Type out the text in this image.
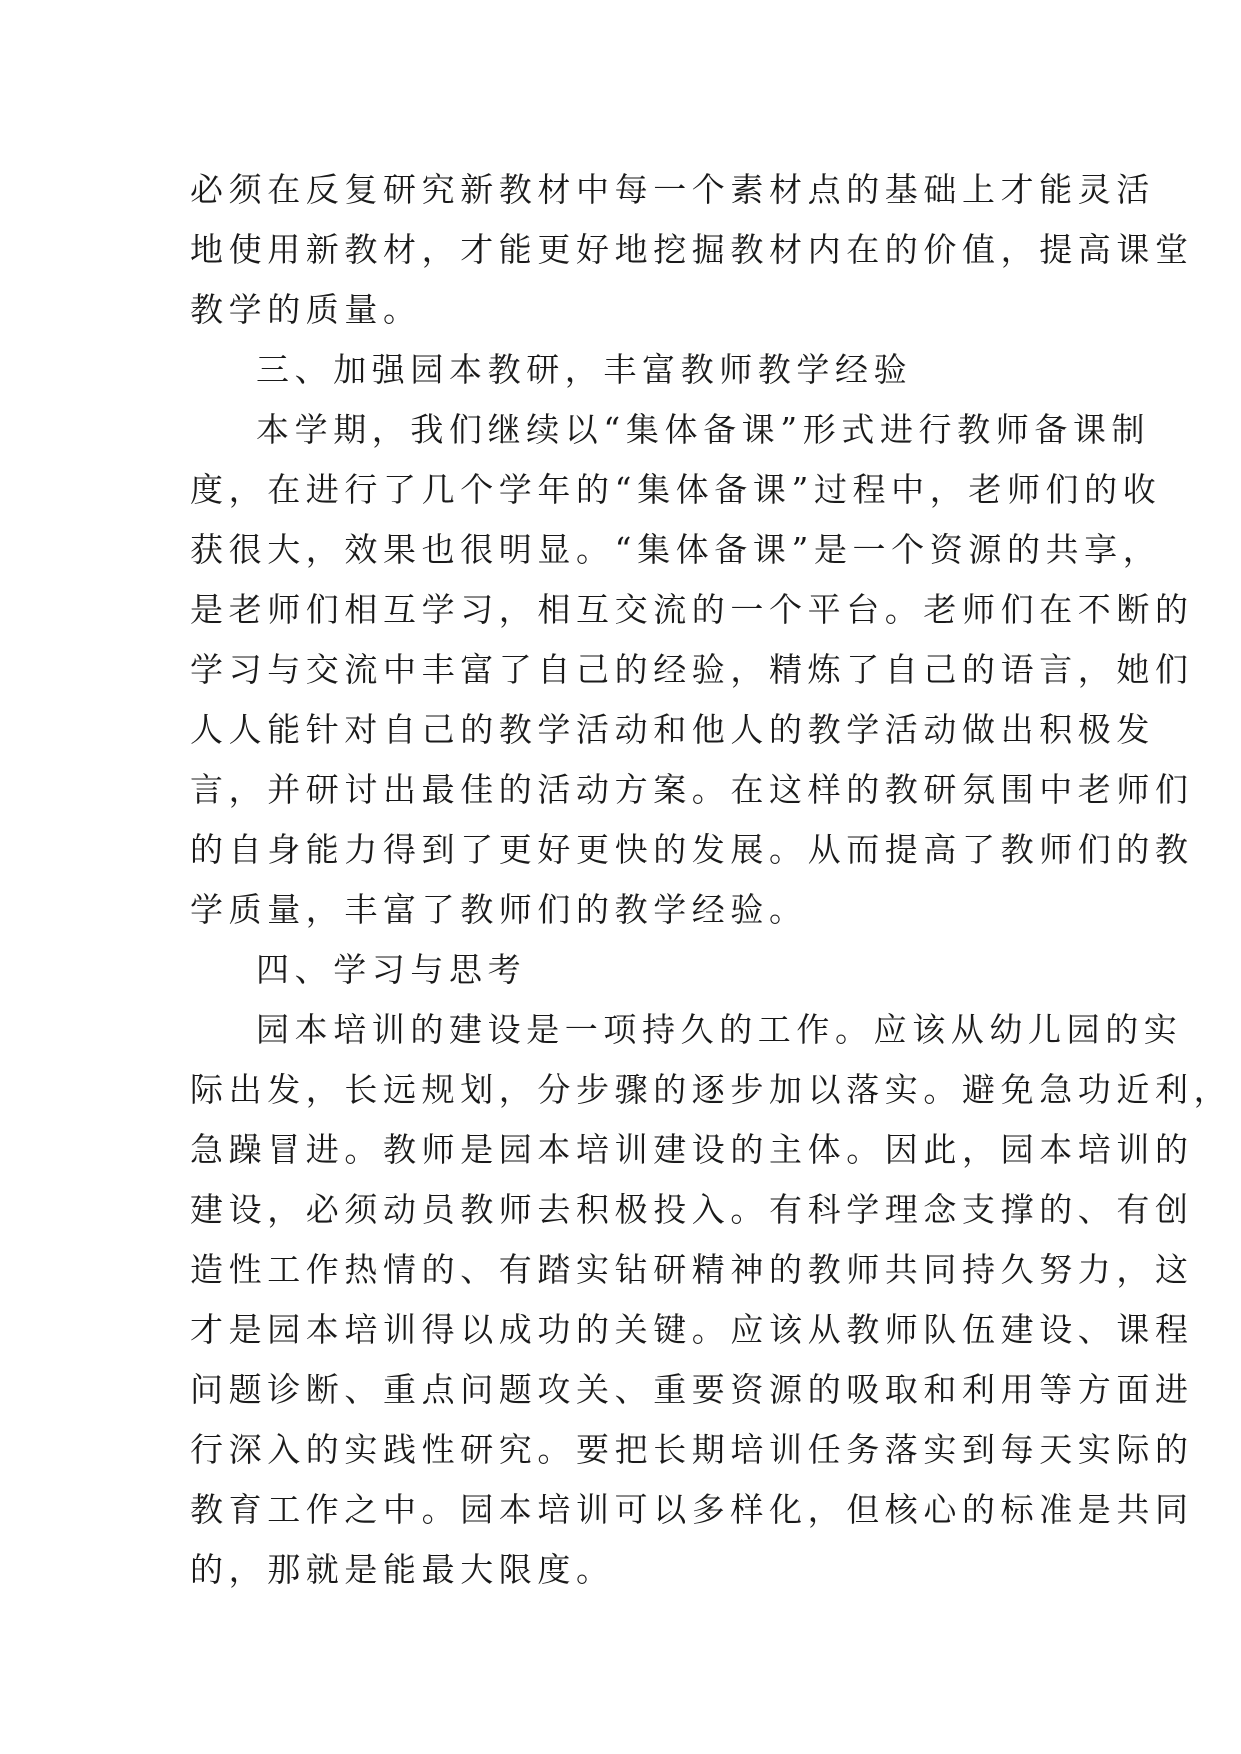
必须在反复研究新教材中每一个素材点的基础上才能灵活
地使用新教材，才能更好地挖掘教材内在的价值，提高课堂
教学的质量。

三、加强园本教研，丰富教师教学经验

本学期，我们继续以“集体备课”形式进行教师备课制
度，在进行了几个学年的“集体备课”过程中，老师们的收
获很大，效果也很明显。“集体备课”是一个资源的共享，
是老师们相互学习，相互交流的一个平台。老师们在不断的
学习与交流中丰富了自己的经验，精炼了自己的语言，她们
人人能针对自己的教学活动和他人的教学活动做出积极发
言，并研讨出最佳的活动方案。在这样的教研氛围中老师们
的自身能力得到了更好更快的发展。从而提高了教师们的教
学质量，丰富了教师们的教学经验。

四、学习与思考

园本培训的建设是一项持久的工作。应该从幼儿园的实
际出发，长远规划，分步骤的逐步加以落实。避免急功近利，
急躁冒进。教师是园本培训建设的主体。因此，园本培训的
建设，必须动员教师去积极投入。有科学理念支撑的、有创
造性工作热情的、有踏实钻研精神的教师共同持久努力，这
才是园本培训得以成功的关键。应该从教师队伍建设、课程
问题诊断、重点问题攻关、重要资源的吸取和利用等方面进
行深入的实践性研究。要把长期培训任务落实到每天实际的
教育工作之中。园本培训可以多样化，但核心的标准是共同
的，那就是能最大限度。
